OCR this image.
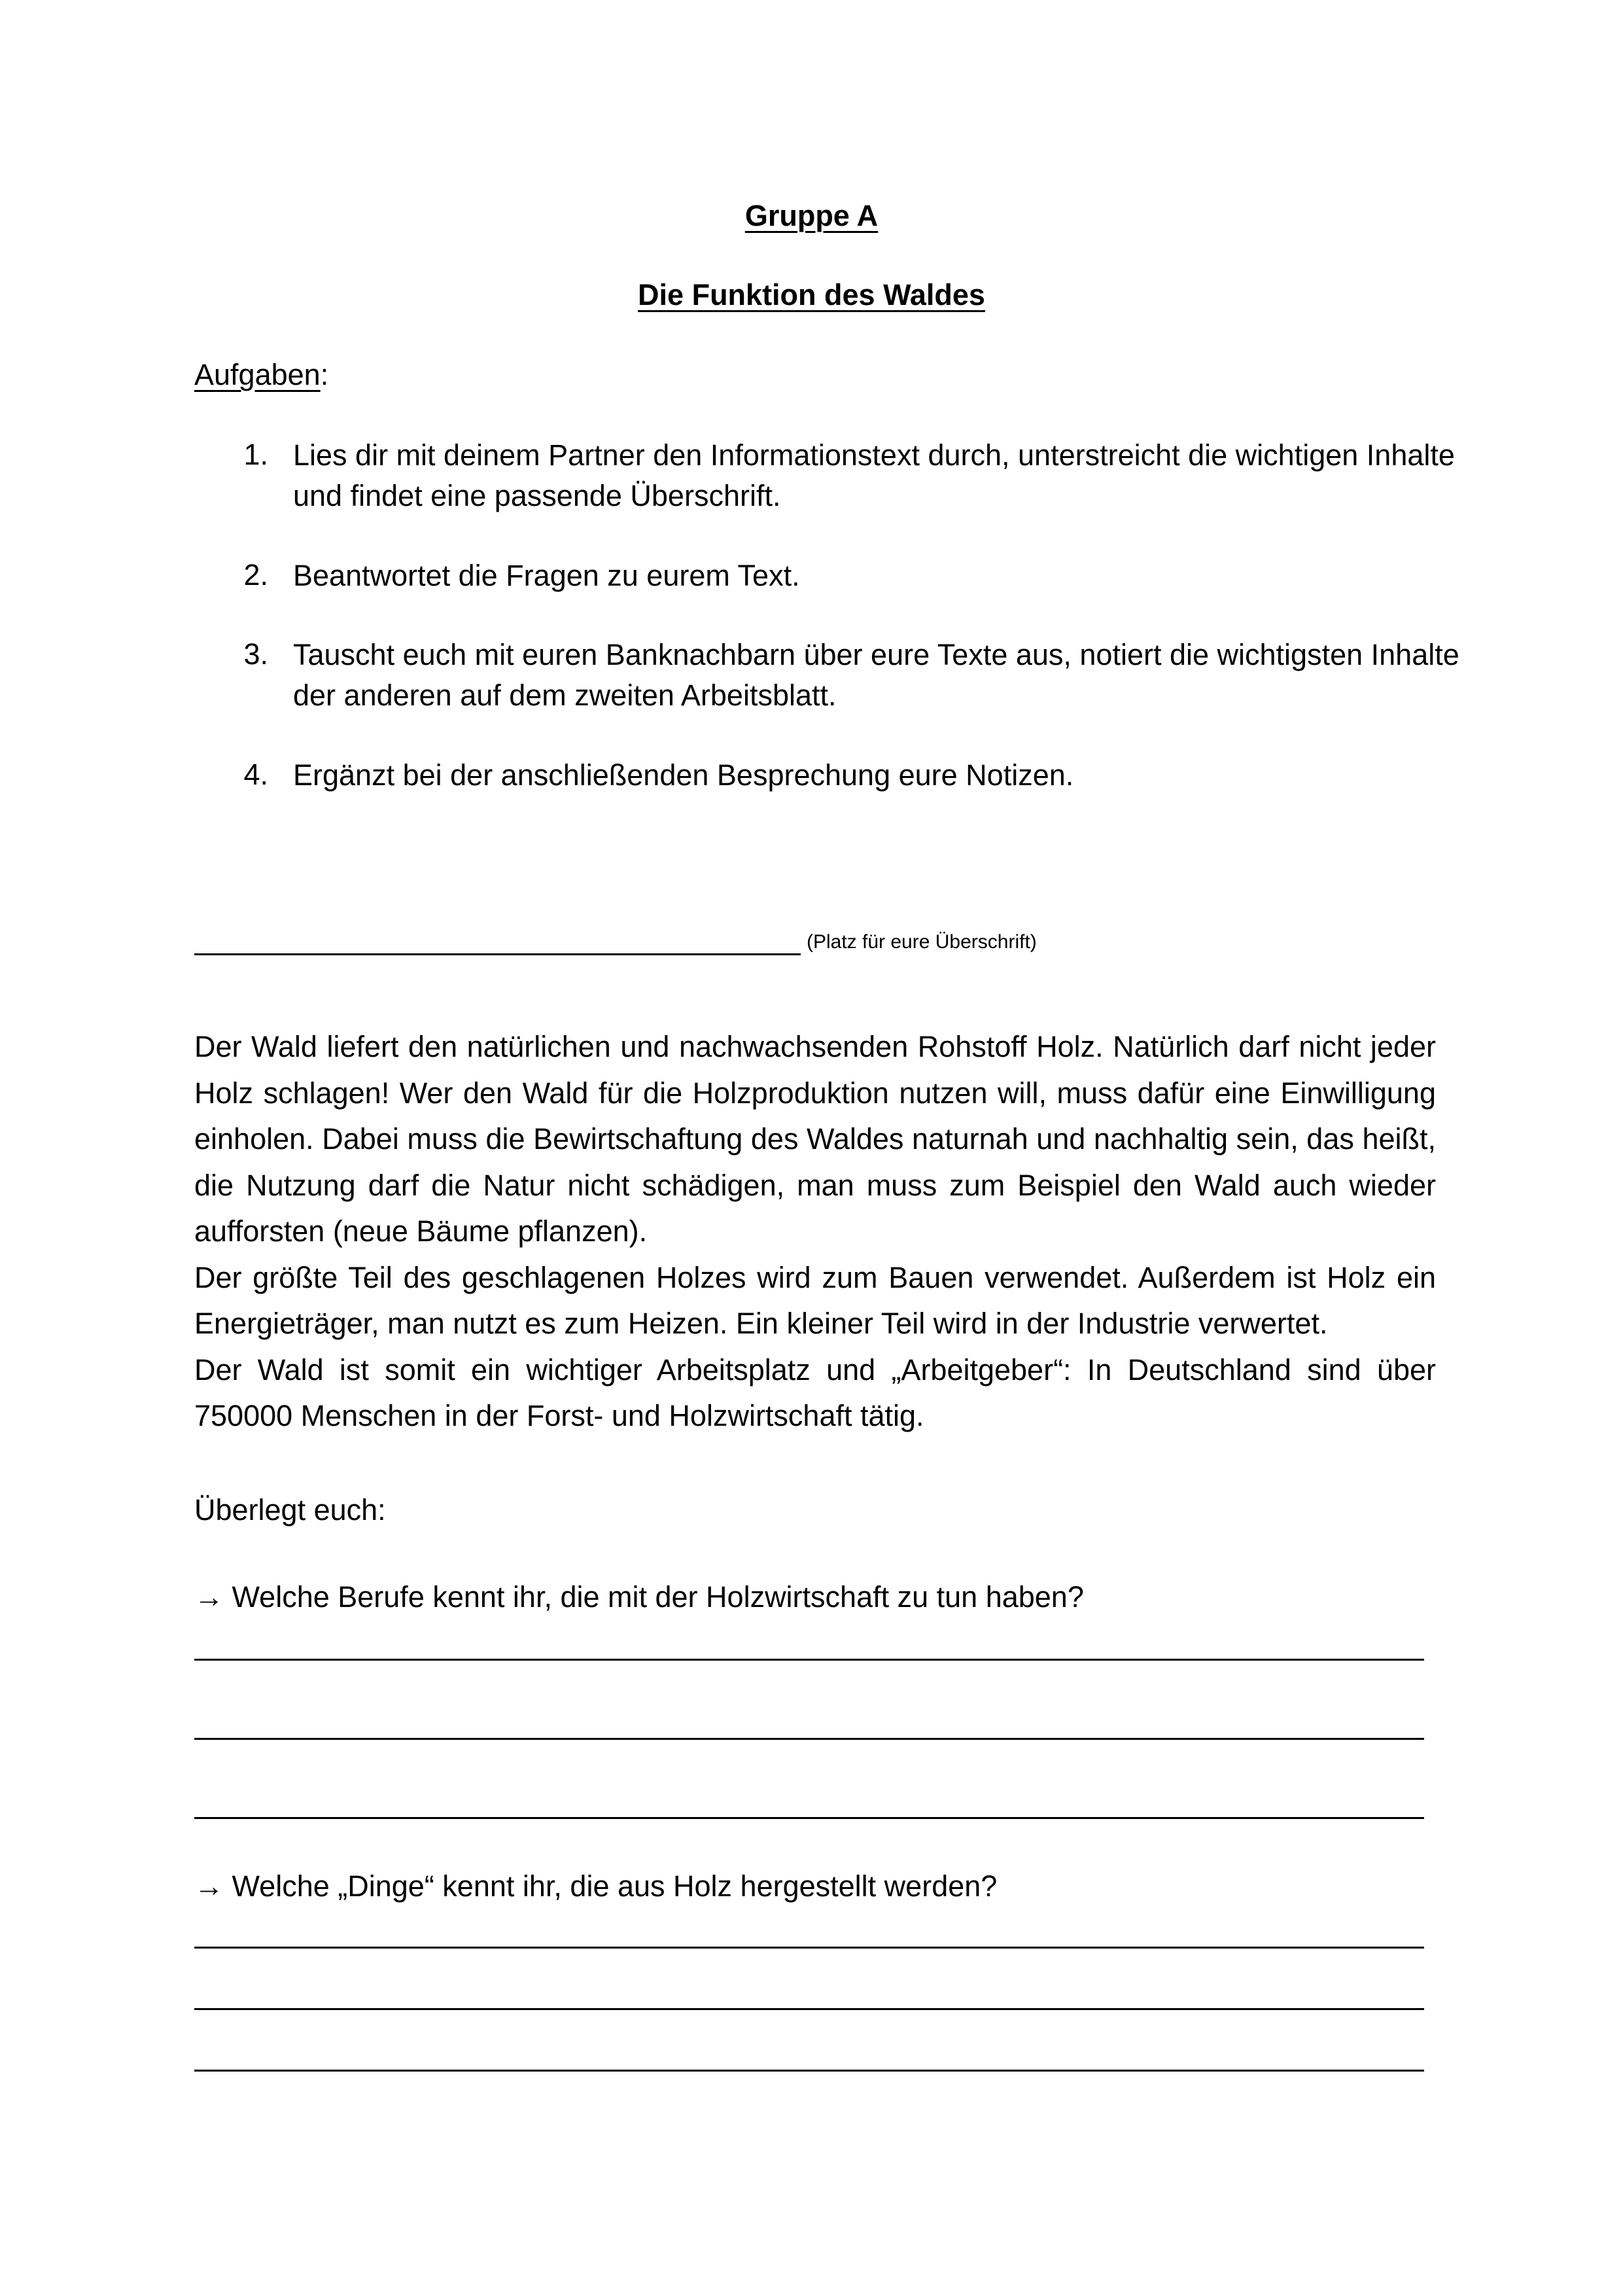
Gruppe A
Die Funktion des Waldes
Aufgaben:
1. Lies dir mit deinem Partner den Informationstext durch, unterstreicht die wichtigen Inhalte und findet eine passende Überschrift.
2. Beantwortet die Fragen zu eurem Text.
3. Tauscht euch mit euren Banknachbarn über eure Texte aus, notiert die wichtigsten Inhalte der anderen auf dem zweiten Arbeitsblatt.
4. Ergänzt bei der anschließenden Besprechung eure Notizen.
(Platz für eure Überschrift)

Der Wald liefert den natürlichen und nachwachsenden Rohstoff Holz. Natürlich darf nicht jeder Holz schlagen! Wer den Wald für die Holzproduktion nutzen will, muss dafür eine Einwilligung einholen. Dabei muss die Bewirtschaftung des Waldes naturnah und nachhaltig sein, das heißt, die Nutzung darf die Natur nicht schädigen, man muss zum Beispiel den Wald auch wieder aufforsten (neue Bäume pflanzen).

Der größte Teil des geschlagenen Holzes wird zum Bauen verwendet. Außerdem ist Holz ein Energieträger, man nutzt es zum Heizen. Ein kleiner Teil wird in der Industrie verwertet.

Der Wald ist somit ein wichtiger Arbeitsplatz und „Arbeitgeber“: In Deutschland sind über 750000 Menschen in der Forst- und Holzwirtschaft tätig.

Überlegt euch:
→ Welche Berufe kennt ihr, die mit der Holzwirtschaft zu tun haben?
→ Welche „Dinge“ kennt ihr, die aus Holz hergestellt werden?
